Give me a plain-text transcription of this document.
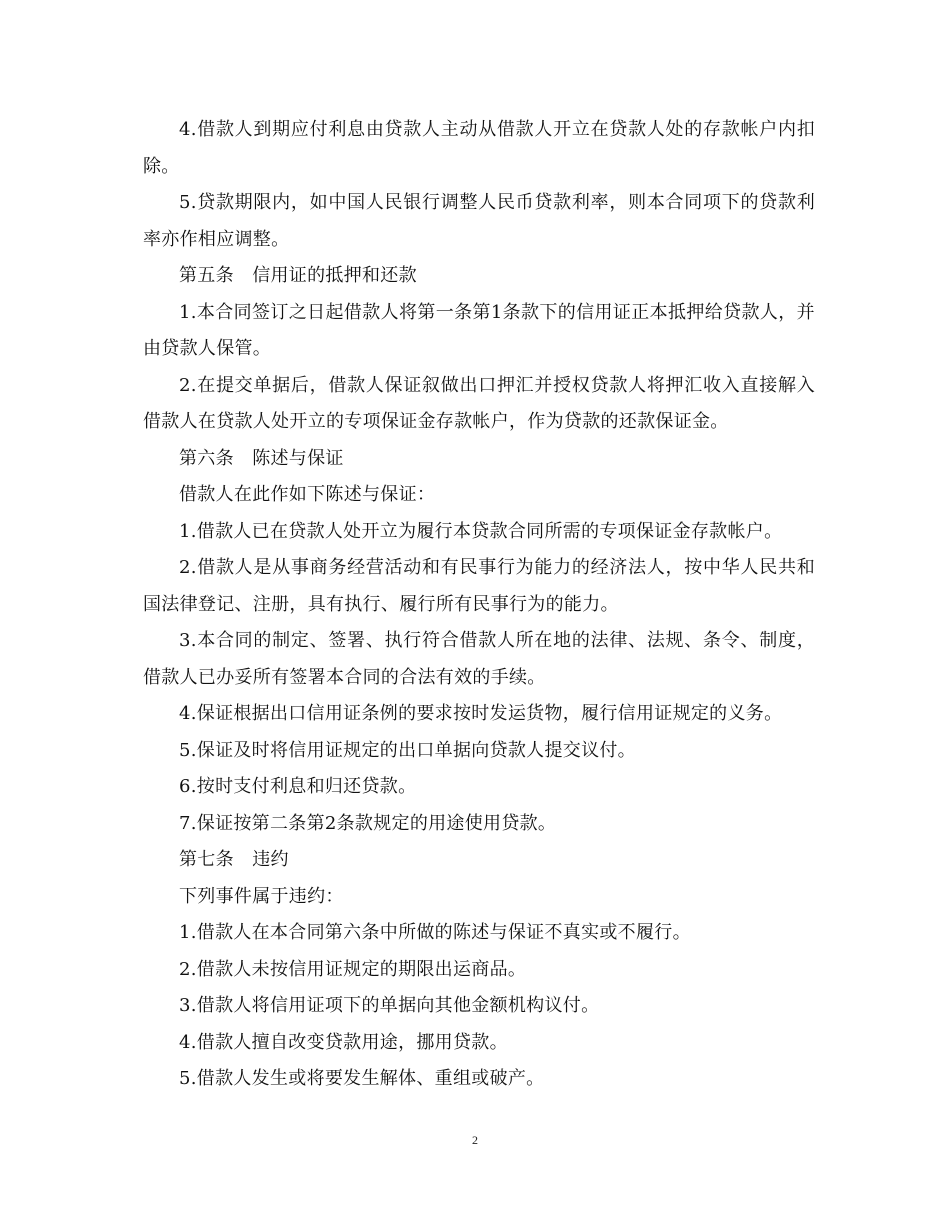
4.借款人到期应付利息由贷款人主动从借款人开立在贷款人处的存款帐户内扣除。

5.贷款期限内，如中国人民银行调整人民币贷款利率，则本合同项下的贷款利率亦作相应调整。

第五条　信用证的抵押和还款

1.本合同签订之日起借款人将第一条第1条款下的信用证正本抵押给贷款人，并由贷款人保管。

2.在提交单据后，借款人保证叙做出口押汇并授权贷款人将押汇收入直接解入借款人在贷款人处开立的专项保证金存款帐户，作为贷款的还款保证金。

第六条　陈述与保证

借款人在此作如下陈述与保证：

1.借款人已在贷款人处开立为履行本贷款合同所需的专项保证金存款帐户。

2.借款人是从事商务经营活动和有民事行为能力的经济法人，按中华人民共和国法律登记、注册，具有执行、履行所有民事行为的能力。

3.本合同的制定、签署、执行符合借款人所在地的法律、法规、条令、制度，借款人已办妥所有签署本合同的合法有效的手续。

4.保证根据出口信用证条例的要求按时发运货物，履行信用证规定的义务。

5.保证及时将信用证规定的出口单据向贷款人提交议付。

6.按时支付利息和归还贷款。

7.保证按第二条第2条款规定的用途使用贷款。

第七条　违约

下列事件属于违约：

1.借款人在本合同第六条中所做的陈述与保证不真实或不履行。

2.借款人未按信用证规定的期限出运商品。

3.借款人将信用证项下的单据向其他金额机构议付。

4.借款人擅自改变贷款用途，挪用贷款。

5.借款人发生或将要发生解体、重组或破产。

2
